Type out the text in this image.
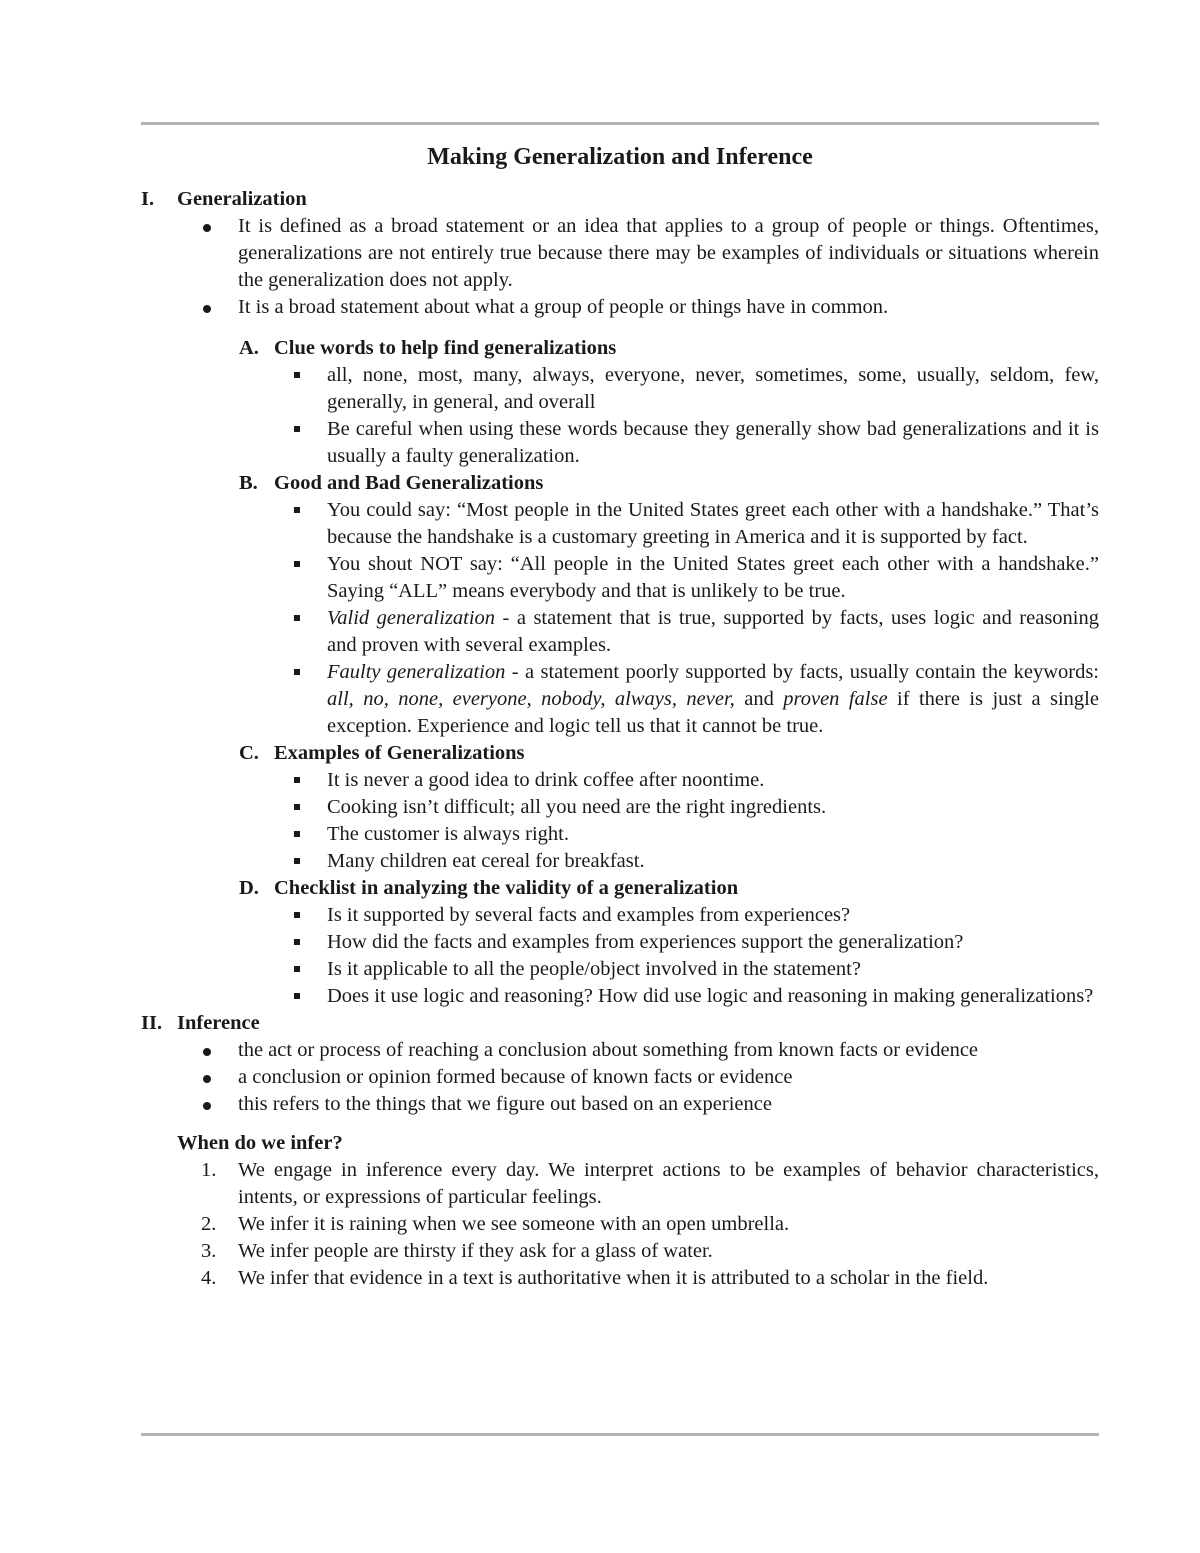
Making Generalization and Inference
I. Generalization
It is defined as a broad statement or an idea that applies to a group of people or things. Oftentimes, generalizations are not entirely true because there may be examples of individuals or situations wherein the generalization does not apply.
It is a broad statement about what a group of people or things have in common.
A. Clue words to help find generalizations
all, none, most, many, always, everyone, never, sometimes, some, usually, seldom, few, generally, in general, and overall
Be careful when using these words because they generally show bad generalizations and it is usually a faulty generalization.
B. Good and Bad Generalizations
You could say: “Most people in the United States greet each other with a handshake.” That’s because the handshake is a customary greeting in America and it is supported by fact.
You shout NOT say: “All people in the United States greet each other with a handshake.” Saying “ALL” means everybody and that is unlikely to be true.
Valid generalization - a statement that is true, supported by facts, uses logic and reasoning and proven with several examples.
Faulty generalization - a statement poorly supported by facts, usually contain the keywords: all, no, none, everyone, nobody, always, never, and proven false if there is just a single exception. Experience and logic tell us that it cannot be true.
C. Examples of Generalizations
It is never a good idea to drink coffee after noontime.
Cooking isn’t difficult; all you need are the right ingredients.
The customer is always right.
Many children eat cereal for breakfast.
D. Checklist in analyzing the validity of a generalization
Is it supported by several facts and examples from experiences?
How did the facts and examples from experiences support the generalization?
Is it applicable to all the people/object involved in the statement?
Does it use logic and reasoning? How did use logic and reasoning in making generalizations?
II. Inference
the act or process of reaching a conclusion about something from known facts or evidence
a conclusion or opinion formed because of known facts or evidence
this refers to the things that we figure out based on an experience
When do we infer?
1. We engage in inference every day. We interpret actions to be examples of behavior characteristics, intents, or expressions of particular feelings.
2. We infer it is raining when we see someone with an open umbrella.
3. We infer people are thirsty if they ask for a glass of water.
4. We infer that evidence in a text is authoritative when it is attributed to a scholar in the field.
